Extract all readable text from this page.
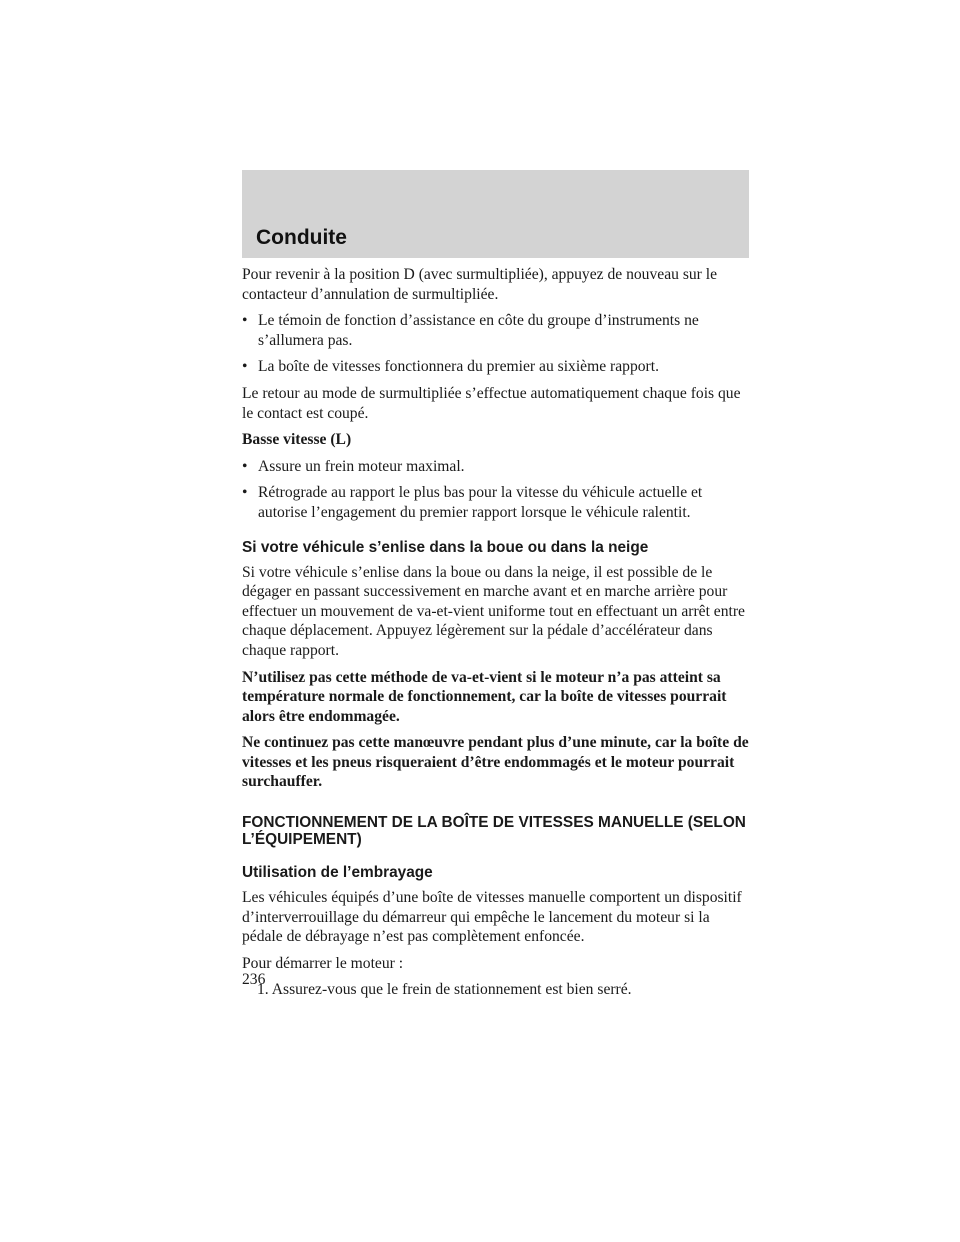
Conduite

Pour revenir à la position D (avec surmultipliée), appuyez de nouveau sur le contacteur d’annulation de surmultipliée.

• Le témoin de fonction d’assistance en côte du groupe d’instruments ne s’allumera pas.
• La boîte de vitesses fonctionnera du premier au sixième rapport.

Le retour au mode de surmultipliée s’effectue automatiquement chaque fois que le contact est coupé.

Basse vitesse (L)

• Assure un frein moteur maximal.
• Rétrograde au rapport le plus bas pour la vitesse du véhicule actuelle et autorise l’engagement du premier rapport lorsque le véhicule ralentit.
Si votre véhicule s’enlise dans la boue ou dans la neige

Si votre véhicule s’enlise dans la boue ou dans la neige, il est possible de le dégager en passant successivement en marche avant et en marche arrière pour effectuer un mouvement de va-et-vient uniforme tout en effectuant un arrêt entre chaque déplacement. Appuyez légèrement sur la pédale d’accélérateur dans chaque rapport.

N’utilisez pas cette méthode de va-et-vient si le moteur n’a pas atteint sa température normale de fonctionnement, car la boîte de vitesses pourrait alors être endommagée.

Ne continuez pas cette manœuvre pendant plus d’une minute, car la boîte de vitesses et les pneus risqueraient d’être endommagés et le moteur pourrait surchauffer.

FONCTIONNEMENT DE LA BOÎTE DE VITESSES MANUELLE (SELON L’ÉQUIPEMENT)
Utilisation de l’embrayage

Les véhicules équipés d’une boîte de vitesses manuelle comportent un dispositif d’interverrouillage du démarreur qui empêche le lancement du moteur si la pédale de débrayage n’est pas complètement enfoncée.

Pour démarrer le moteur :

1. Assurez-vous que le frein de stationnement est bien serré.

236
